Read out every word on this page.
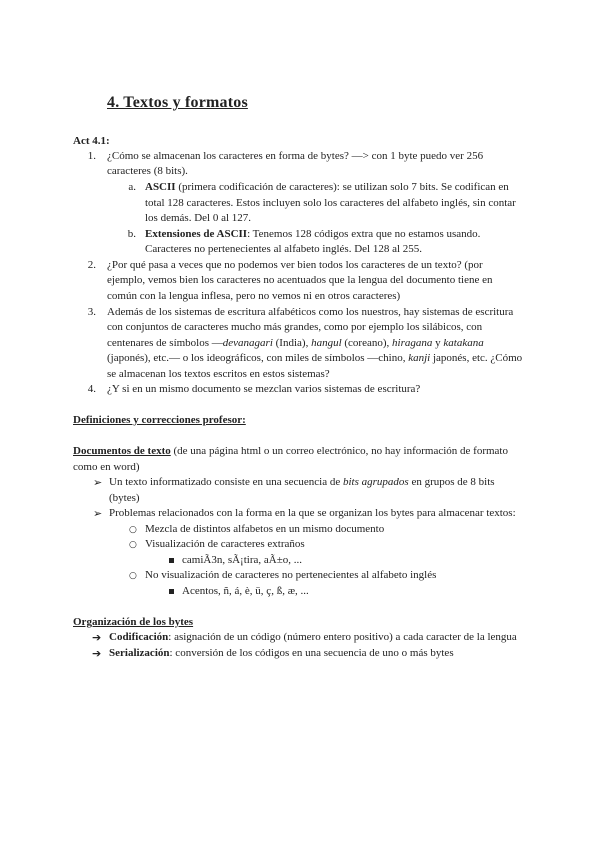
4. Textos y formatos
Act 4.1:
1. ¿Cómo se almacenan los caracteres en forma de bytes? —> con 1 byte puedo ver 256
caracteres (8 bits).
a. ASCII (primera codificación de caracteres): se utilizan solo 7 bits. Se codifican en
total 128 caracteres. Estos incluyen solo los caracteres del alfabeto inglés, sin contar
los demás. Del 0 al 127.
b. Extensiones de ASCII: Tenemos 128 códigos extra que no estamos usando.
Caracteres no pertenecientes al alfabeto inglés. Del 128 al 255.
2. ¿Por qué pasa a veces que no podemos ver bien todos los caracteres de un texto? (por
ejemplo, vemos bien los caracteres no acentuados que la lengua del documento tiene en
común con la lengua inflesa, pero no vemos ni en otros caracteres)
3. Además de los sistemas de escritura alfabéticos como los nuestros, hay sistemas de escritura
con conjuntos de caracteres mucho más grandes, como por ejemplo los silábicos, con
centenares de símbolos —devanagari (India), hangul (coreano), hiragana y katakana
(japonés), etc.— o los ideográficos, con miles de símbolos —chino, kanji japonés, etc. ¿Cómo
se almacenan los textos escritos en estos sistemas?
4. ¿Y si en un mismo documento se mezclan varios sistemas de escritura?
Definiciones y correcciones profesor:
Documentos de texto (de una página html o un correo electrónico, no hay información de formato
como en word)
➢ Un texto informatizado consiste en una secuencia de bits agrupados en grupos de 8 bits
(bytes)
➢ Problemas relacionados con la forma en la que se organizan los bytes para almacenar textos:
○ Mezcla de distintos alfabetos en un mismo documento
○ Visualización de caracteres extraños
camiÃ3n, sÃ¡tira, aÃ±o, ...
○ No visualización de caracteres no pertenecientes al alfabeto inglés
Acentos, ñ, á, è, ü, ç, ß, æ, ...
Organización de los bytes
➔ Codificación: asignación de un código (número entero positivo) a cada caracter de la lengua
➔ Serialización: conversión de los códigos en una secuencia de uno o más bytes
